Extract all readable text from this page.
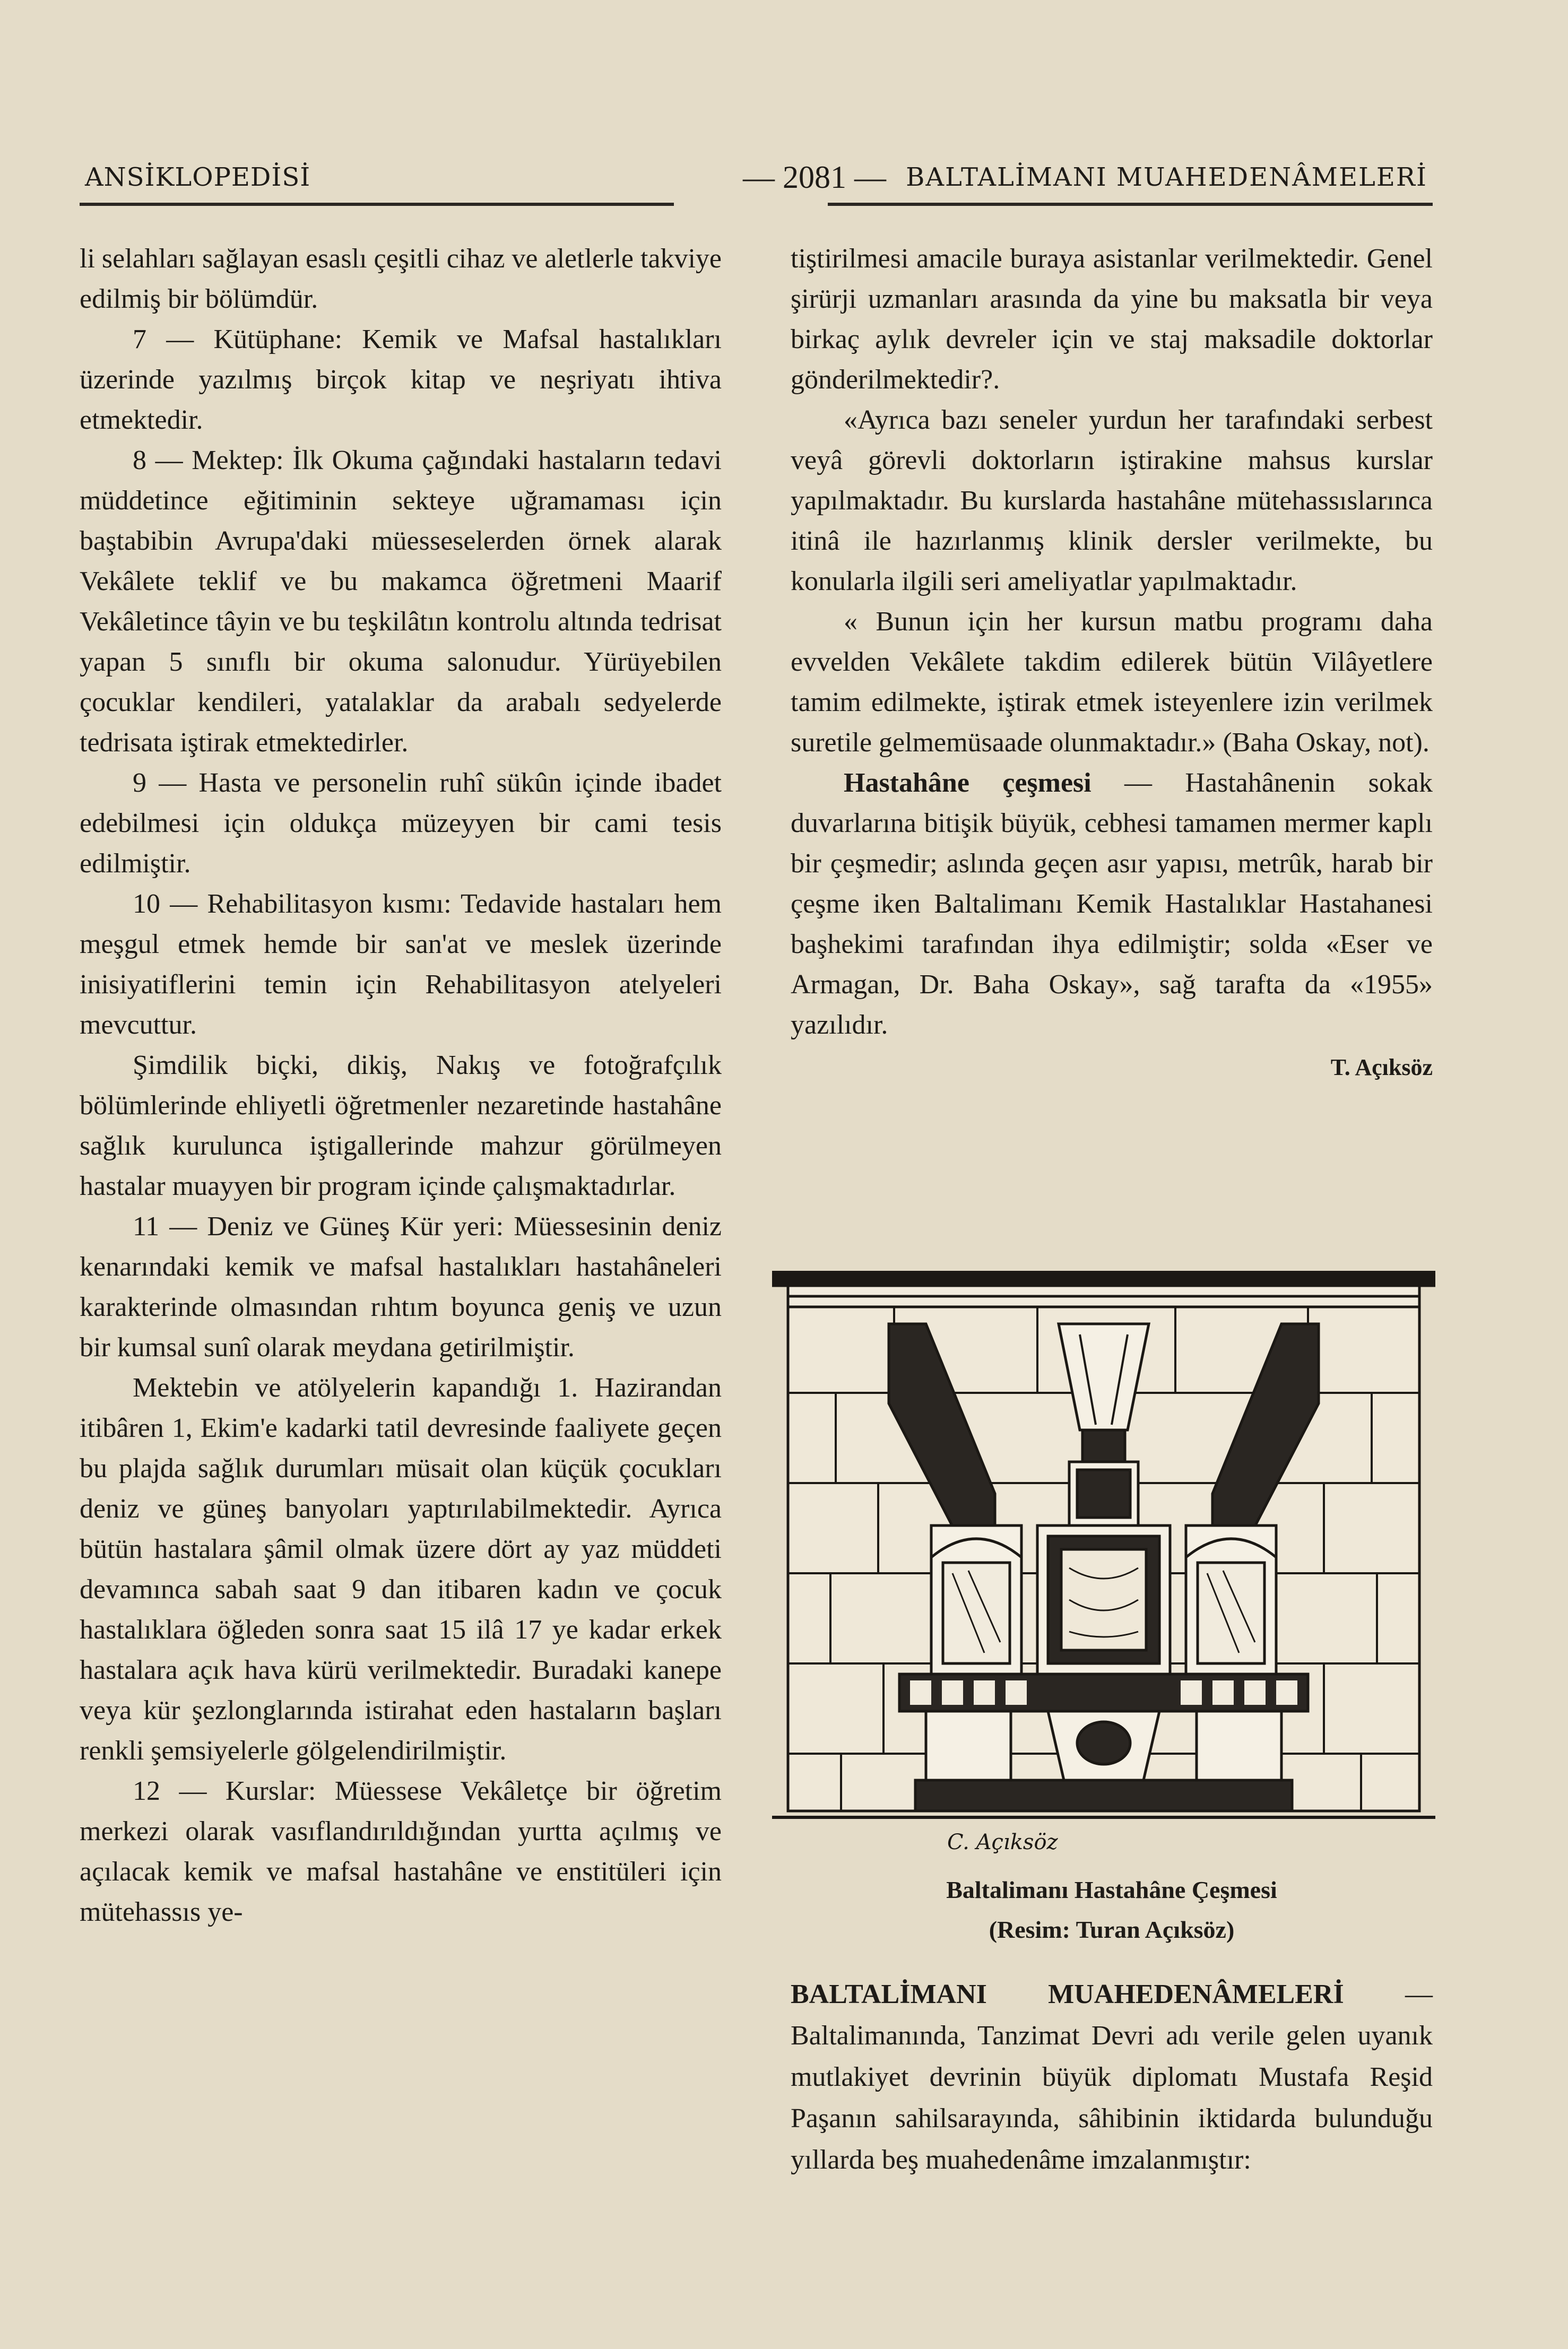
ANSİKLOPEDİSİ	— 2081 — BALTALİMANI MUAHEDENÂMELERİ

li selahları sağlayan esaslı çeşitli cihaz ve aletlerle takviye edilmiş bir bölümdür.

7 — Kütüphane: Kemik ve Mafsal hastalıkları üzerinde yazılmış birçok kitap ve neşriyatı ihtiva etmektedir.

8 — Mektep: İlk Okuma çağındaki hastaların tedavi müddetince eğitiminin sekteye uğramaması için baştabibin Avrupa'daki müesseselerden örnek alarak Vekâlete teklif ve bu makamca öğretmeni Maarif Vekâletince tâyin ve bu teşkilâtın kontrolu altında tedrisat yapan 5 sınıflı bir okuma salonudur. Yürüyebilen çocuklar kendileri, yatalaklar da arabalı sedyelerde tedrisata iştirak etmektedirler.

9 — Hasta ve personelin ruhî sükûn içinde ibadet edebilmesi için oldukça müzeyyen bir cami tesis edilmiştir.

10 — Rehabilitasyon kısmı: Tedavide hastaları hem meşgul etmek hemde bir san'at ve meslek üzerinde inisiyatiflerini temin için Rehabilitasyon atelyeleri mevcuttur.

Şimdilik biçki, dikiş, Nakış ve fotoğrafçılık bölümlerinde ehliyetli öğretmenler nezaretinde hastahâne sağlık kurulunca iştigallerinde mahzur görülmeyen hastalar muayyen bir program içinde çalışmaktadırlar.

11 — Deniz ve Güneş Kür yeri: Müessesinin deniz kenarındaki kemik ve mafsal hastalıkları hastahâneleri karakterinde olmasından rıhtım boyunca geniş ve uzun bir kumsal sunî olarak meydana getirilmiştir.

Mektebin ve atölyelerin kapandığı 1. Hazirandan itibâren 1, Ekim'e kadarki tatil devresinde faaliyete geçen bu plajda sağlık durumları müsait olan küçük çocukları deniz ve güneş banyoları yaptırılabilmektedir. Ayrıca bütün hastalara şâmil olmak üzere dört ay yaz müddeti devamınca sabah saat 9 dan itibaren kadın ve çocuk hastalıklara öğleden sonra saat 15 ilâ 17 ye kadar erkek hastalara açık hava kürü verilmektedir. Buradaki kanepe veya kür şezlonglarında istirahat eden hastaların başları renkli şemsiyelerle gölgelendirilmiştir.

12 — Kurslar: Müessese Vekâletçe bir öğretim merkezi olarak vasıflandırıldığından yurtta açılmış ve açılacak kemik ve mafsal hastahâne ve enstitüleri için mütehassıs ye-

tiştirilmesi amacile buraya asistanlar verilmektedir. Genel şirürji uzmanları arasında da yine bu maksatla bir veya birkaç aylık devreler için ve staj maksadile doktorlar gönderilmektedir?.

«Ayrıca bazı seneler yurdun her tarafındaki serbest veyâ görevli doktorların iştirakine mahsus kurslar yapılmaktadır. Bu kurslarda hastahâne mütehassıslarınca itinâ ile hazırlanmış klinik dersler verilmekte, bu konularla ilgili seri ameliyatlar yapılmaktadır.

« Bunun için her kursun matbu programı daha evvelden Vekâlete takdim edilerek bütün Vilâyetlere tamim edilmekte, iştirak etmek isteyenlere izin verilmek suretile gelmemüsaade olunmaktadır.» (Baha Oskay, not).

Hastahâne çeşmesi — Hastahânenin sokak duvarlarına bitişik büyük, cebhesi tamamen mermer kaplı bir çeşmedir; aslında geçen asır yapısı, metrûk, harab bir çeşme iken Baltalimanı Kemik Hastalıklar Hastahanesi başhekimi tarafından ihya edilmiştir; solda «Eser ve Armagan, Dr. Baha Oskay», sağ tarafta da «1955» yazılıdır.

T. Açıksöz
C. Açıksöz
Baltalimanı Hastahâne Çeşmesi
(Resim: Turan Açıksöz)

BALTALİMANI MUAHEDENÂMELERİ — Baltalimanında, Tanzimat Devri adı verile gelen uyanık mutlakiyet devrinin büyük diplomatı Mustafa Reşid Paşanın sahilsarayında, sâhibinin iktidarda bulunduğu yıllarda beş muahedenâme imzalanmıştır:
